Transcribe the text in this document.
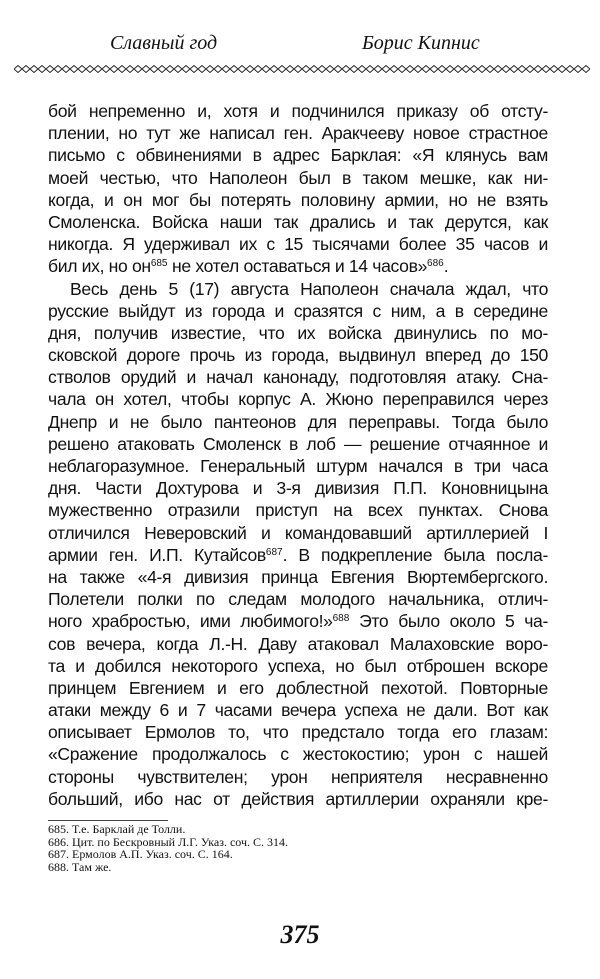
Славный год	Борис Кипнис
бой непременно и, хотя и подчинился приказу об отсту-
плении, но тут же написал ген. Аракчееву новое страстное
письмо с обвинениями в адрес Барклая: «Я клянусь вам
моей честью, что Наполеон был в таком мешке, как ни-
когда, и он мог бы потерять половину армии, но не взять
Смоленска. Войска наши так дрались и так дерутся, как
никогда. Я удерживал их с 15 тысячами более 35 часов и
бил их, но $он^{685}$ не хотел оставаться и 14 часов»$^{686}$.
Весь день 5 (17) августа Наполеон сначала ждал, что
русские выйдут из города и сразятся с ним, а в середине
дня, получив известие, что их войска двинулись по мо-
сковской дороге прочь из города, выдвинул вперед до 150
стволов орудий и начал канонаду, подготовляя атаку. Сна-
чала он хотел, чтобы корпус А. Жюно переправился через
Днепр и не было пантеонов для переправы. Тогда было
решено атаковать Смоленск в лоб — решение отчаянное и
неблагоразумное. Генеральный штурм начался в три часа
дня. Части Дохтурова и 3-я дивизия П.П. Коновницына
мужественно отразили приступ на всех пунктах. Снова
отличился Неверовский и командовавший артиллерией I
армии ген. И.П. Кутайсов$^{687}$. В подкрепление была посла-
на также «4-я дивизия принца Евгения Вюртембергского.
Полетели полки по следам молодого начальника, отлич-
ного храбростью, ими любимого!»$^{688}$ Это было около 5 ча-
сов вечера, когда Л.-Н. Даву атаковал Малаховские воро-
та и добился некоторого успеха, но был отброшен вскоре
принцем Евгением и его доблестной пехотой. Повторные
атаки между 6 и 7 часами вечера успеха не дали. Вот как
описывает Ермолов то, что предстало тогда его глазам:
«Сражение продолжалось с жестокостию; урон с нашей
стороны чувствителен; урон неприятеля несравненно
больший, ибо нас от действия артиллерии охраняли кре-
685. Т.е. Барклай де Толли.
686. Цит. по Бескровный Л.Г. Указ. соч. С. 314.
687. Ермолов А.П. Указ. соч. С. 164.
688. Там же.
375
